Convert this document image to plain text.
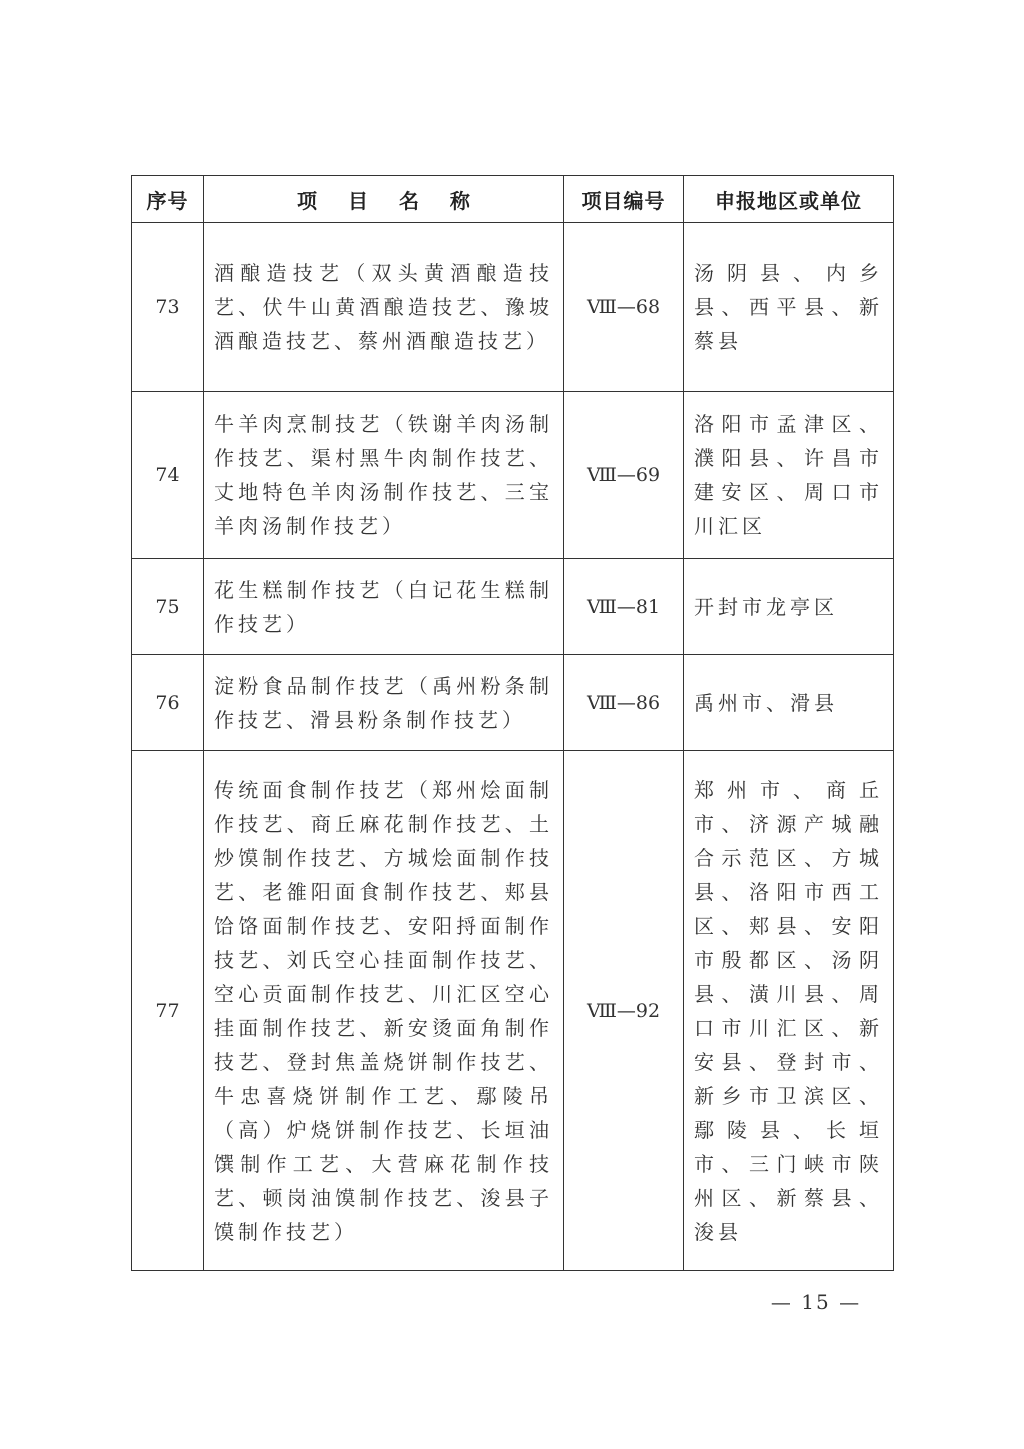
序号	项 目 名 称	项目编号	申报地区或单位
73	酒酿造技艺（双头黄酒酿造技艺、伏牛山黄酒酿造技艺、豫坡酒酿造技艺、蔡州酒酿造技艺）	Ⅷ—68	汤阴县、内乡县、西平县、新蔡县
74	牛羊肉烹制技艺（铁谢羊肉汤制作技艺、渠村黑牛肉制作技艺、丈地特色羊肉汤制作技艺、三宝羊肉汤制作技艺）	Ⅷ—69	洛阳市孟津区、濮阳县、许昌市建安区、周口市川汇区
75	花生糕制作技艺（白记花生糕制作技艺）	Ⅷ—81	开封市龙亭区
76	淀粉食品制作技艺（禹州粉条制作技艺、滑县粉条制作技艺）	Ⅷ—86	禹州市、滑县
77	传统面食制作技艺（郑州烩面制作技艺、商丘麻花制作技艺、土炒馍制作技艺、方城烩面制作技艺、老雒阳面食制作技艺、郏县饸饹面制作技艺、安阳捋面制作技艺、刘氏空心挂面制作技艺、空心贡面制作技艺、川汇区空心挂面制作技艺、新安烫面角制作技艺、登封焦盖烧饼制作技艺、牛忠喜烧饼制作工艺、鄢陵吊（高）炉烧饼制作技艺、长垣油馔制作工艺、大营麻花制作技艺、顿岗油馍制作技艺、浚县子馍制作技艺）	Ⅷ—92	郑州市、商丘市、济源产城融合示范区、方城县、洛阳市西工区、郏县、安阳市殷都区、汤阴县、潢川县、周口市川汇区、新安县、登封市、新乡市卫滨区、鄢陵县、长垣市、三门峡市陕州区、新蔡县、浚县
— 15 —
